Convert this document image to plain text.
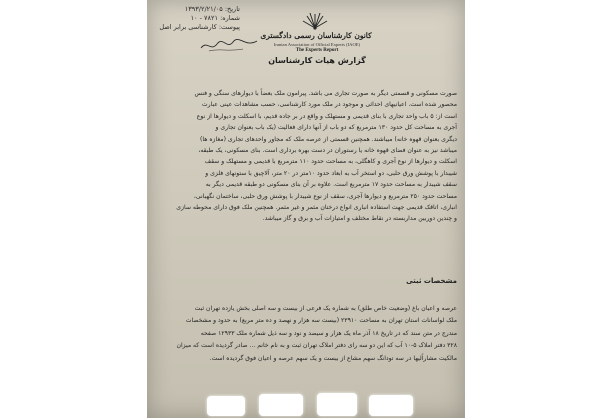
تاریخ: ۱۳۹۳/۲/۲۱/۰۵
شماره: ۷۸۲۱ - ۱۰
پیوست: کارشناسی برابر اصل
کانون کارشناسان رسمی دادگستری
Iranian Association of Official Experts (IAOE)
The Experts Report
گزارش هیات کارشناسان
صورت مسکونی و قسمتی دیگر به صورت تجاری می باشد. پیرامون ملک بعضاً با دیوارهای سنگی و فنس
محصور شده است. اعیانیهای احداثی و موجود در ملک مورد کارشناسی، حسب مشاهدات عینی عبارت
است از: ۵ باب واحد تجاری با بنای قدیمی و مستهلک و واقع در بر جاده قدیم، با اسکلت و دیوارها از نوع
آجری به مساحت کل حدود ۱۳۰ مترمربع که دو باب از آنها دارای فعالیت (یک باب بعنوان تجاری و
دیگری بعنوان قهوه خانه) میباشند. همچنین قسمتی از عرصه ملک که مجاور واحدهای تجاری (مغازه ها)
میباشد نیز به عنوان فضای قهوه خانه یا رستوران در دست بهره برداری است. بنای مسکونی، یک طبقه،
اسکلت و دیوارها از نوع آجری و کاهگلی، به مساحت حدود ۱۱۰ مترمربع با قدیمی و مستهلک و سقف
شیبدار با پوشش ورق حلبی، دو استخر آب به ابعاد حدود ۱۰متر در ۲۰ متر، آلاچیق با ستونهای فلزی و
سقف شیبدار به مساحت حدود ۱۷ مترمربع است. علاوه بر آن بنای مسکونی دو طبقه قدیمی دیگر به
مساحت حدود ۲۵۰ مترمربع و دیوارها آجری، سقف از نوع شیبدار با پوشش ورق حلبی، ساختمان نگهبانی،
انباری، اتاقک قدیمی جهت استفاده انباری انواع درختان مثمر و غیر مثمر. همچنین ملک فوق دارای محوطه سازی
و چندین دوربین مداربسته در نقاط مختلف و امتیازات آب و برق و گاز میباشد.
مشخصات ثبتی
عرصه و اعیان باغ (وضعیت خاص طلق) به شماره یک فرعی از بیست و سه اصلی بخش یازده تهران ثبت
ملک لواسانات استان تهران به مساحت ۲۳۹۱۰ (بیست سه هزار و نهصد و ده متر مربع) به حدود و مشخصات
مندرج در متن سند که در تاریخ ۱۸ آذر ماه یک هزار و سیصد و نود و سه ذیل شماره ملک ۱۲۹۳۳ صفحه
۳۲۸ دفتر املاک ۵-۱۰ آب که این دو سه رای دفتر املاک تهران ثبت و به نام خانم ... صادر گردیده است که میزان
مالکیت مشاراًلیها در سه تودانگ سهم مشاع از بیست و یک سهم عرصه و اعیان فوق گردیده است.
